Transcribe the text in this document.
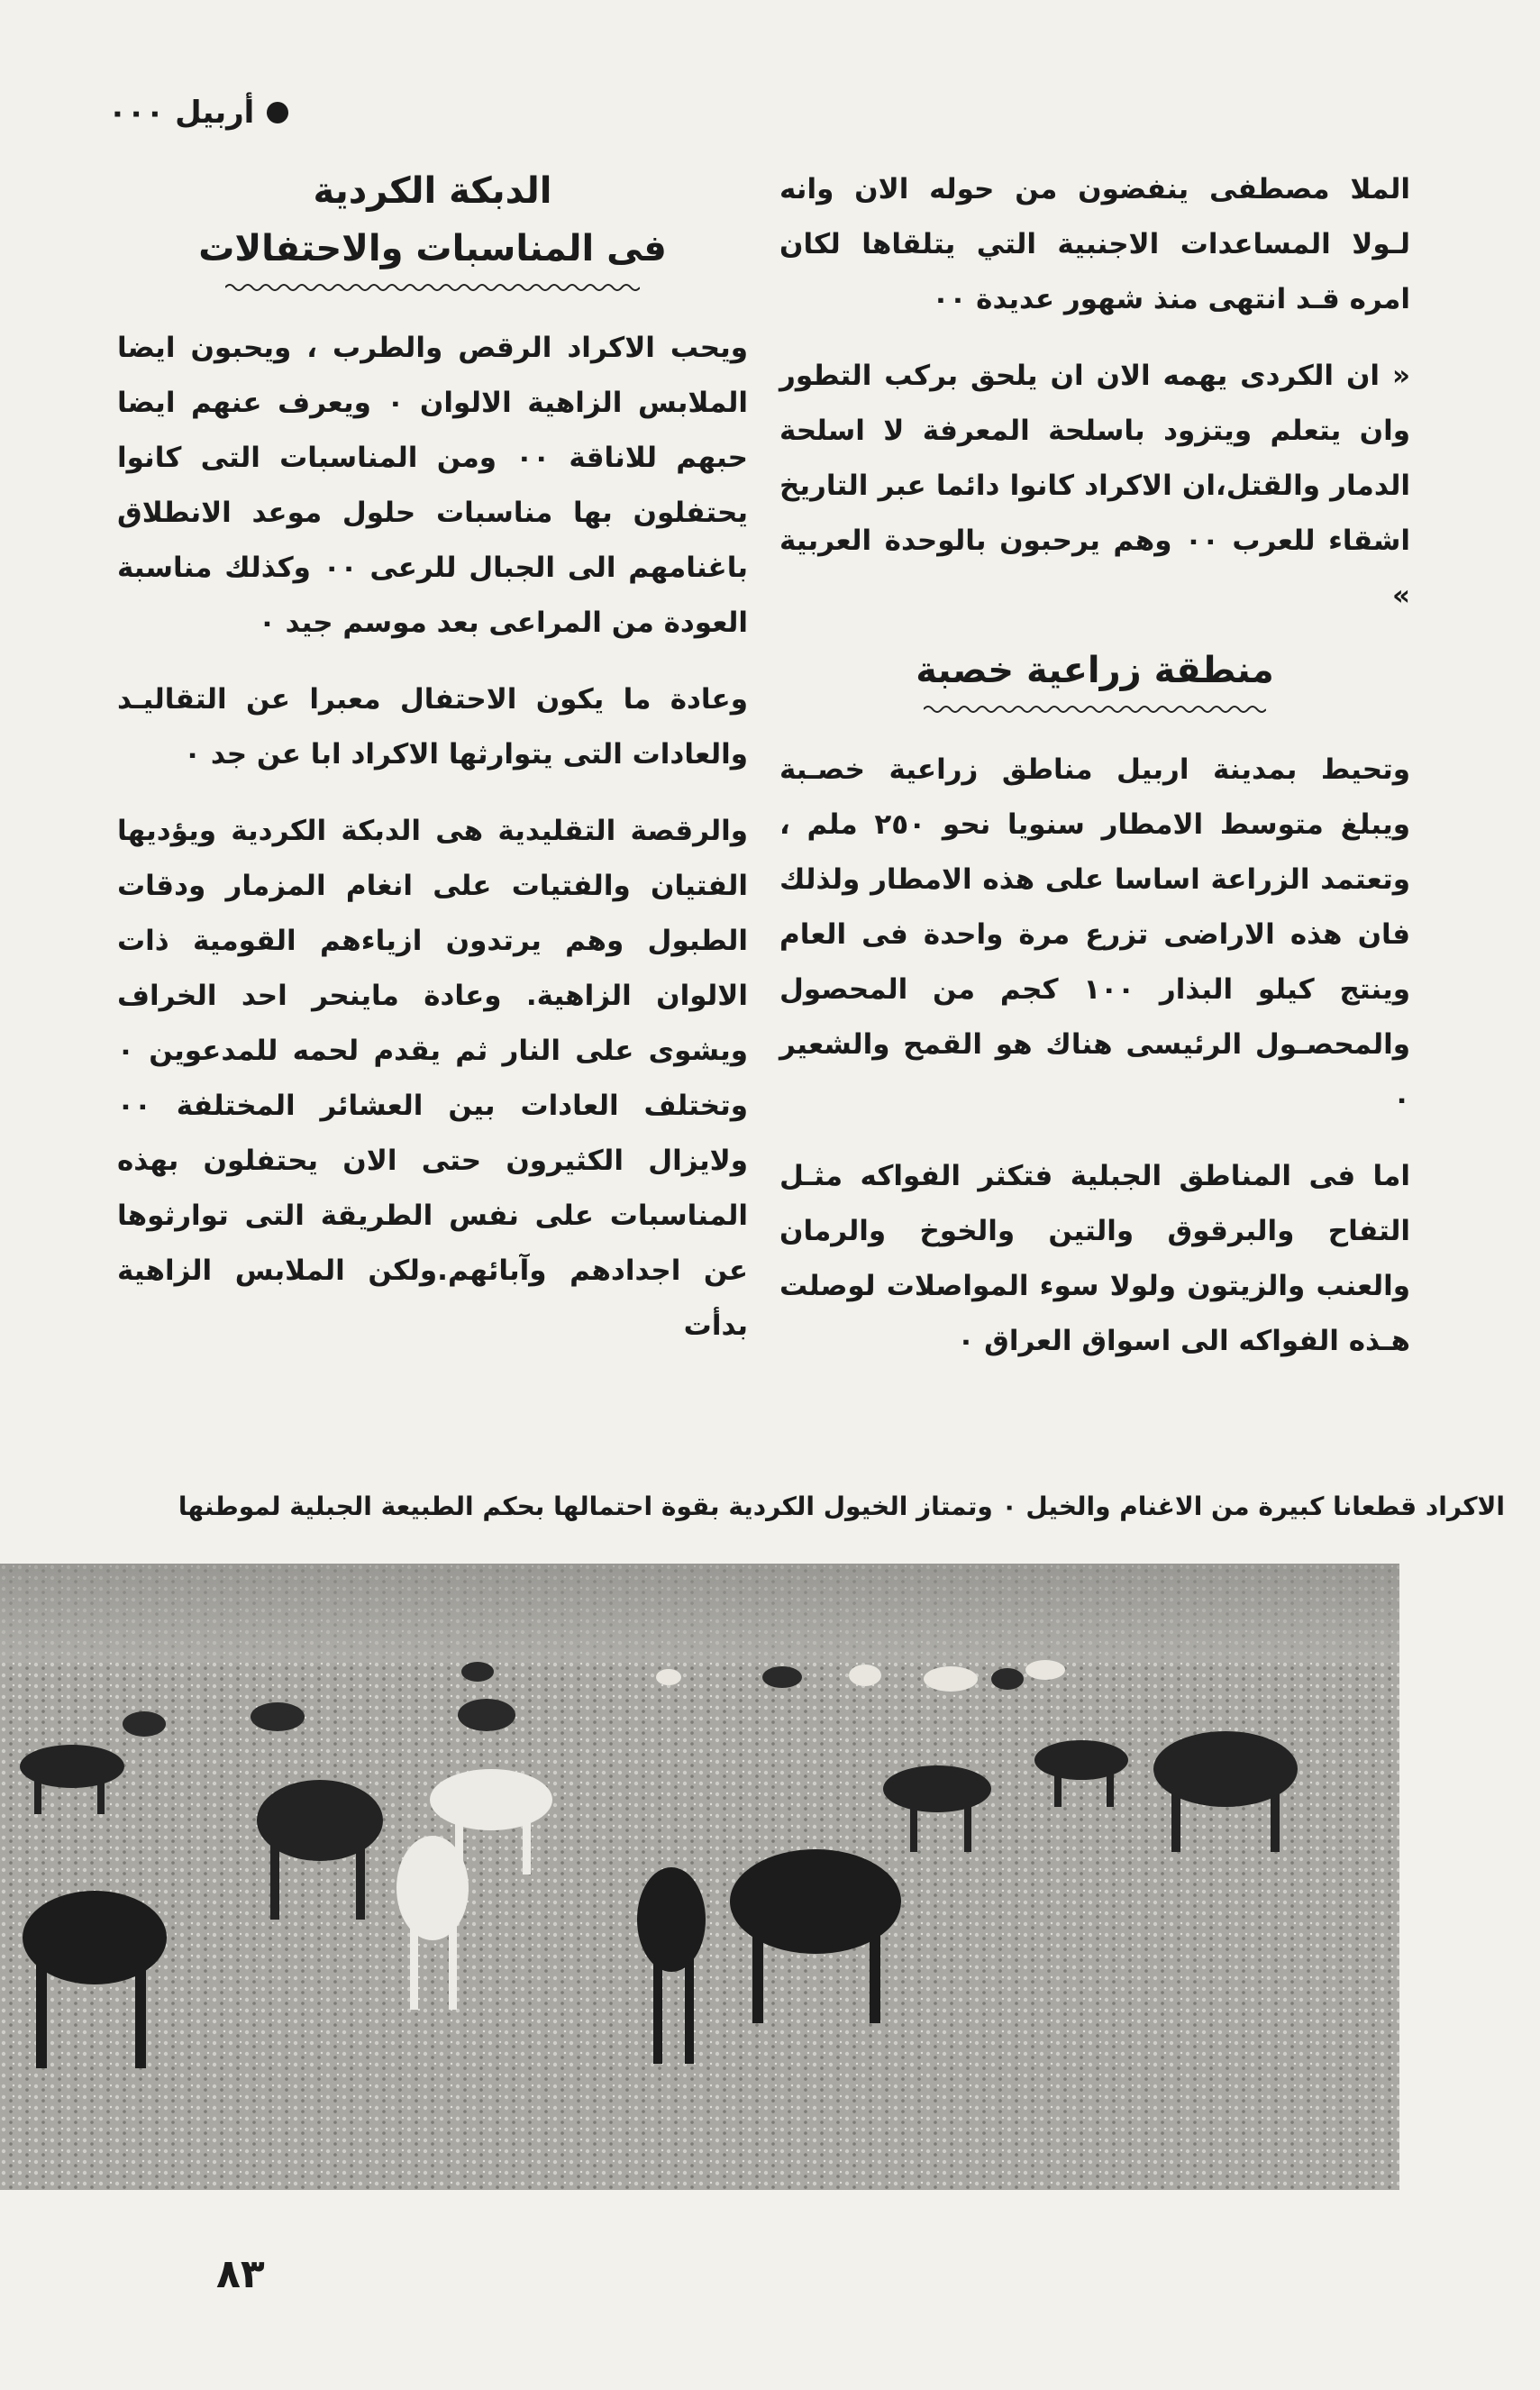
أربيل ٠٠٠

الملا مصطفى ينفضون من حوله الان وانه لـولا المساعدات الاجنبية التي يتلقاها لكان امره قـد انتهى منذ شهور عديدة ٠٠

« ان الكردى يهمه الان ان يلحق بركب التطور وان يتعلم ويتزود باسلحة المعرفة لا اسلحة الدمار والقتل،ان الاكراد كانوا دائما عبر التاريخ اشقاء للعرب ٠٠ وهم يرحبون بالوحدة العربية »

منطقة زراعية خصبة

وتحيط بمدينة اربيل مناطق زراعية خصـبة ويبلغ متوسط الامطار سنويا نحو ٢٥٠ ملم ، وتعتمد الزراعة اساسا على هذه الامطار ولذلك فان هذه الاراضى تزرع مرة واحدة فى العام وينتج كيلو البذار ١٠٠ كجم من المحصول والمحصـول الرئيسى هناك هو القمح والشعير ٠

اما فى المناطق الجبلية فتكثر الفواكه مثـل التفاح والبرقوق والتين والخوخ والرمان والعنب والزيتون ولولا سوء المواصلات لوصلت هـذه الفواكه الى اسواق العراق ٠

الدبكة الكردية
فى المناسبات والاحتفالات

ويحب الاكراد الرقص والطرب ، ويحبون ايضا الملابس الزاهية الالوان ٠ ويعرف عنهم ايضا حبهم للاناقة ٠٠ ومن المناسبات التى كانوا يحتفلون بها مناسبات حلول موعد الانطلاق باغنامهم الى الجبال للرعى ٠٠ وكذلك مناسبة العودة من المراعى بعد موسم جيد ٠

وعادة ما يكون الاحتفال معبرا عن التقاليـد والعادات التى يتوارثها الاكراد ابا عن جد ٠

والرقصة التقليدية هى الدبكة الكردية ويؤديها الفتيان والفتيات على انغام المزمار ودقات الطبول وهم يرتدون ازياءهم القومية ذات الالوان الزاهية. وعادة ماينحر احد الخراف ويشوى على النار ثم يقدم لحمه للمدعوين ٠ وتختلف العادات بين العشائر المختلفة ٠٠ ولايزال الكثيرون حتى الان يحتفلون بهذه المناسبات على نفس الطريقة التى توارثوها عن اجدادهم وآبائهم.ولكن الملابس الزاهية بدأت

الاكراد قطعانا كبيرة من الاغنام والخيل ٠ وتمتاز الخيول الكردية بقوة احتمالها بحكم الطبيعة الجبلية لموطنها
٨٣
